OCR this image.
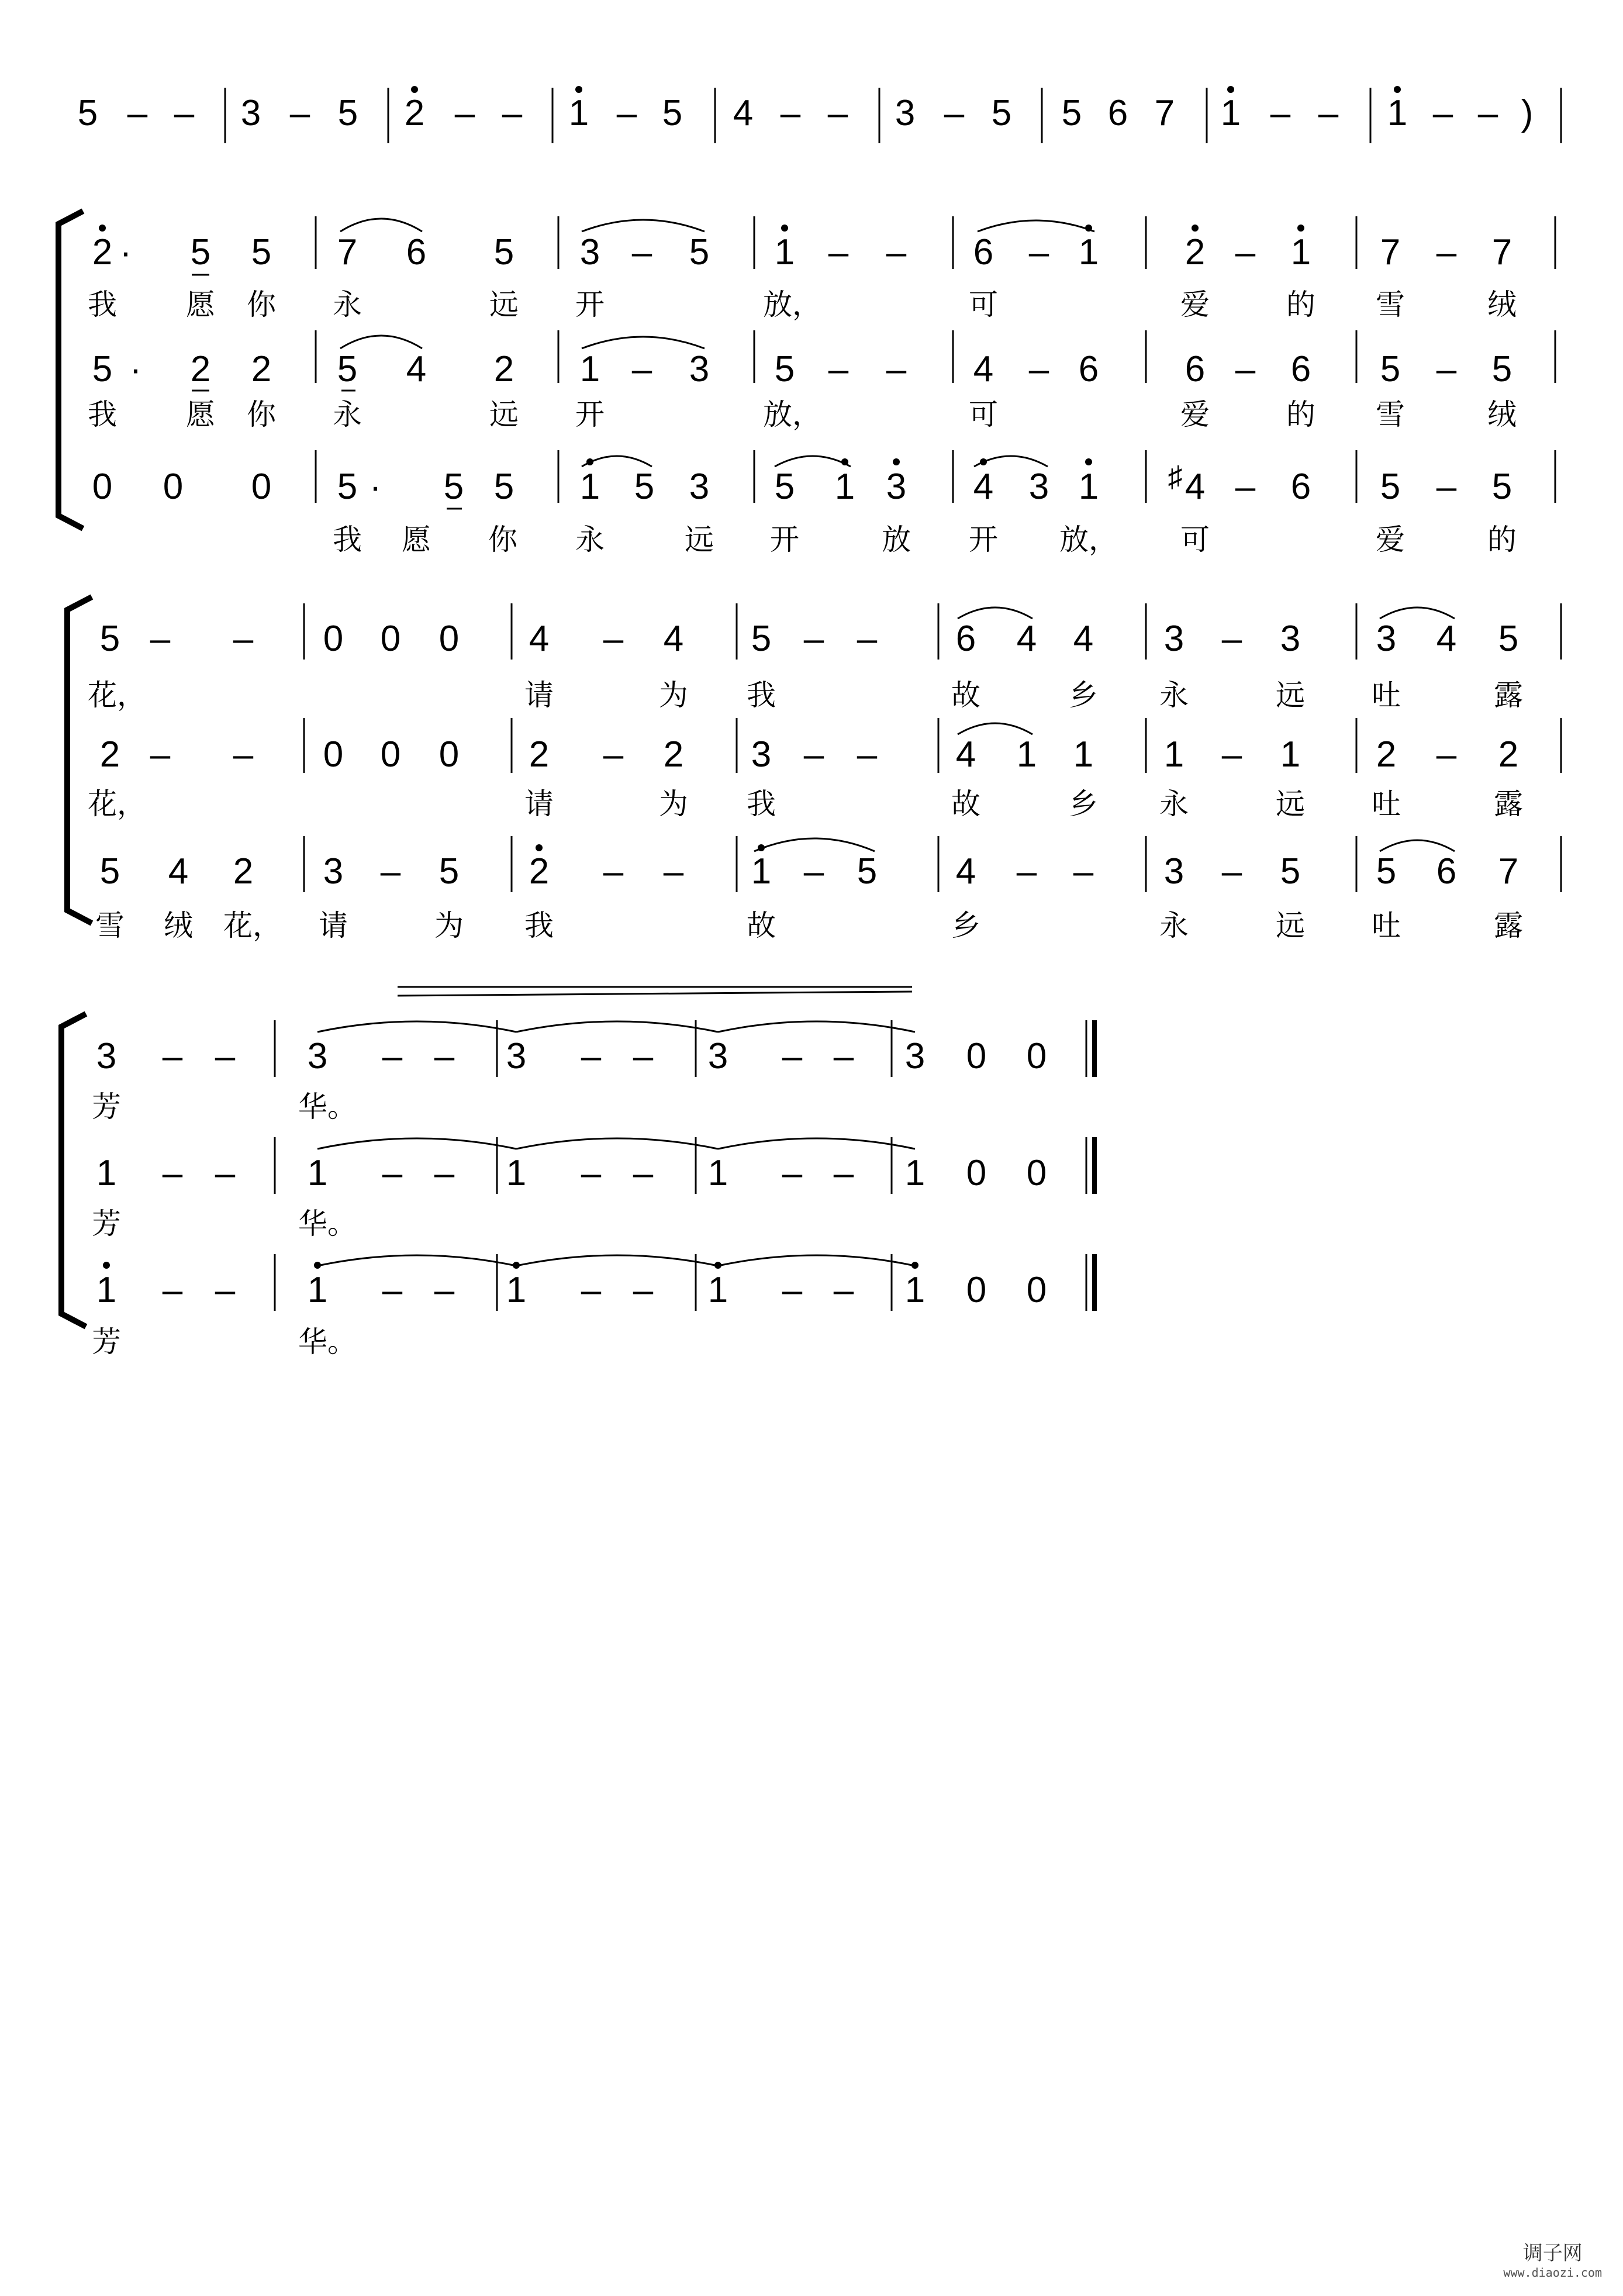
5 – – 3 – 5 2 – – 1 – 5 4 – – 3 – 5 5 6 7 1 – – 1 – – )
2 · 5 5 7 6 5 3 – 5 1 – – 6 – 1 2 – 1 7 – 7
我 愿 你 永	远 开	放，	可	爱	的 雪	绒
5 · 2 2 5 4 2 1 – 3 5 – – 4 – 6 6 – 6 5 – 5
我 愿 你 永	远 开	放，	可	爱	的 雪	绒
0 0 0 5 · 5 5 1 5 3 5 1 3 4 3 1 ♯ 4 – 6 5 – 5
我 愿 你 永	远 开	放 开 放， 可	爱	的
5 – – 0 0 0 4 – 4 5 – – 6 4 4 3 – 3 3 4 5
花，	请	为 我	故	乡 永	远 吐	露
2 – – 0 0 0 2 – 2 3 – – 4 1 1 1 – 1 2 – 2
花，	请	为 我	故	乡 永	远 吐	露
5 4 2 3 – 5 2 – – 1 – 5 4 – – 3 – 5 5 6 7
雪 绒 花， 请	为 我	故	乡	永	远 吐	露
3 – – 3 – – 3 – – 3 – – 3 0 0
芳	华。
1 – – 1 – – 1 – – 1 – – 1 0 0
芳	华。
1 – – 1 – – 1 – – 1 – – 1 0 0
芳	华。
调子网
www.diaozi.com
